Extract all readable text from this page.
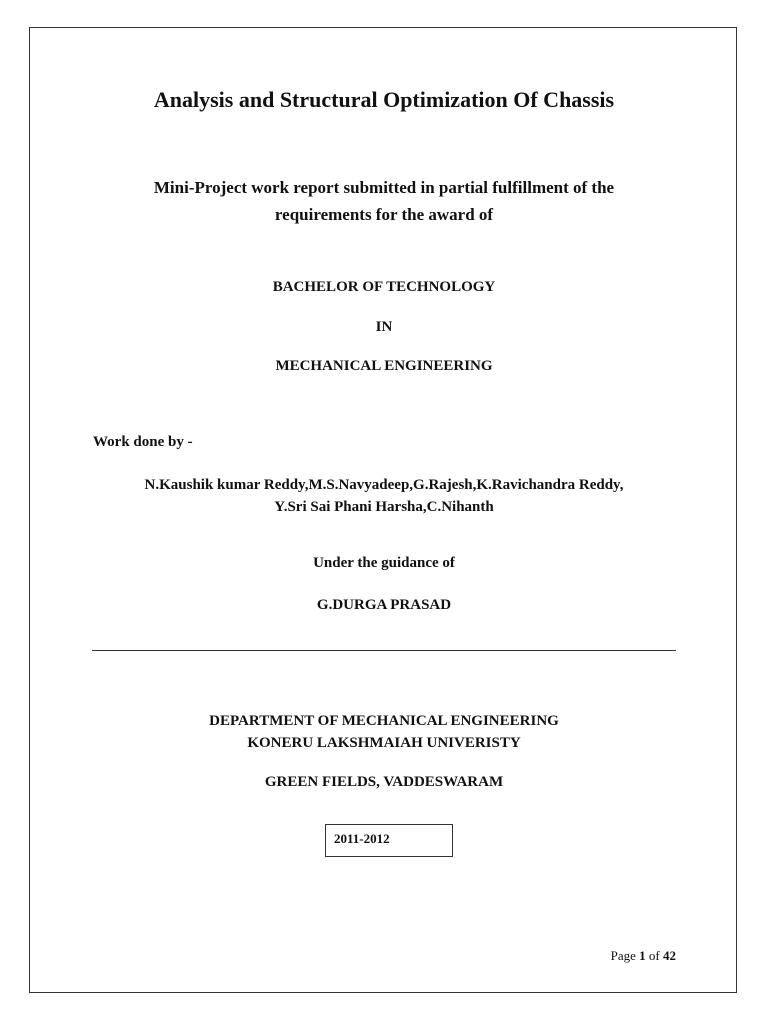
Analysis and Structural Optimization Of Chassis
Mini-Project work report submitted in partial fulfillment of the
requirements for the award of
BACHELOR OF TECHNOLOGY
IN
MECHANICAL ENGINEERING
Work done by -
N.Kaushik kumar Reddy,M.S.Navyadeep,G.Rajesh,K.Ravichandra Reddy,
Y.Sri Sai Phani Harsha,C.Nihanth
Under the guidance of
G.DURGA PRASAD
DEPARTMENT OF MECHANICAL ENGINEERING
KONERU LAKSHMAIAH UNIVERISTY
GREEN FIELDS, VADDESWARAM
2011-2012
Page 1 of 42
